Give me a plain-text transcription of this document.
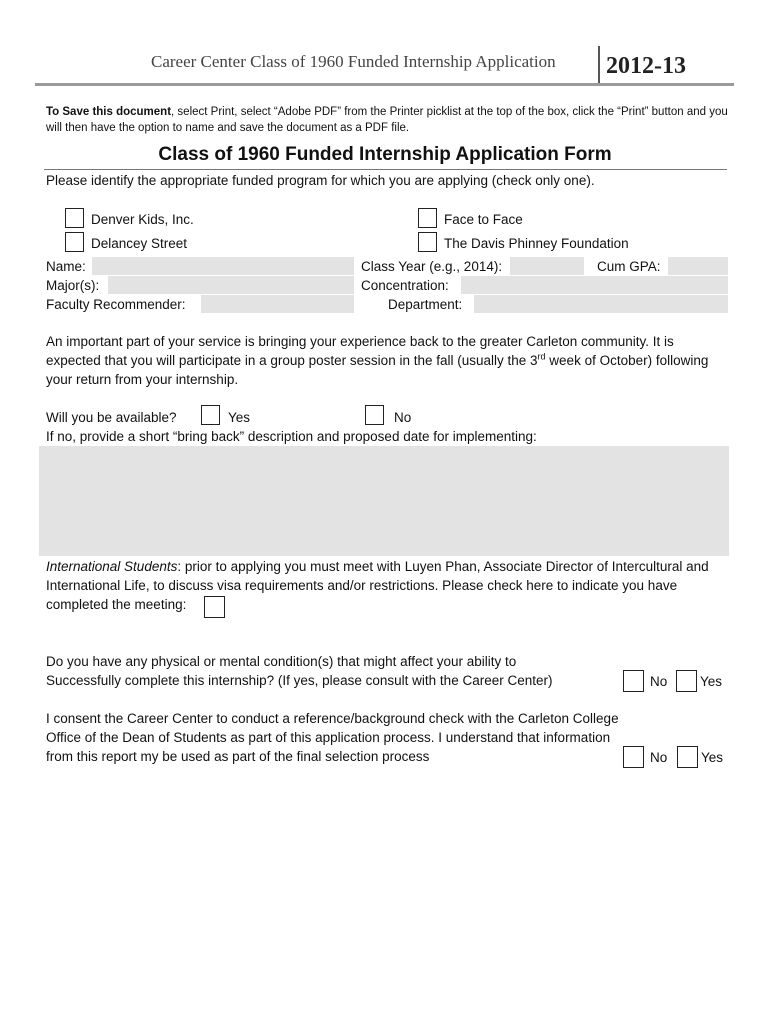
Career Center Class of 1960 Funded Internship Application 2012-13
To Save this document, select Print, select “Adobe PDF” from the Printer picklist at the top of the box, click the “Print” button and you will then have the option to name and save the document as a PDF file.
Class of 1960 Funded Internship Application Form
Please identify the appropriate funded program for which you are applying (check only one).
Denver Kids, Inc.
Delancey Street
Face to Face
The Davis Phinney Foundation
Name:	Class Year (e.g., 2014):	Cum GPA:
Major(s):	Concentration:
Faculty Recommender:	Department:
An important part of your service is bringing your experience back to the greater Carleton community. It is expected that you will participate in a group poster session in the fall (usually the 3rd week of October) following your return from your internship.
Will you be available?	Yes	No
If no, provide a short “bring back” description and proposed date for implementing:
International Students: prior to applying you must meet with Luyen Phan, Associate Director of Intercultural and International Life, to discuss visa requirements and/or restrictions. Please check here to indicate you have completed the meeting:
Do you have any physical or mental condition(s) that might affect your ability to
Successfully complete this internship? (If yes, please consult with the Career Center)	No Yes
I consent the Career Center to conduct a reference/background check with the Carleton College
Office of the Dean of Students as part of this application process. I understand that information
from this report my be used as part of the final selection process	No Yes
